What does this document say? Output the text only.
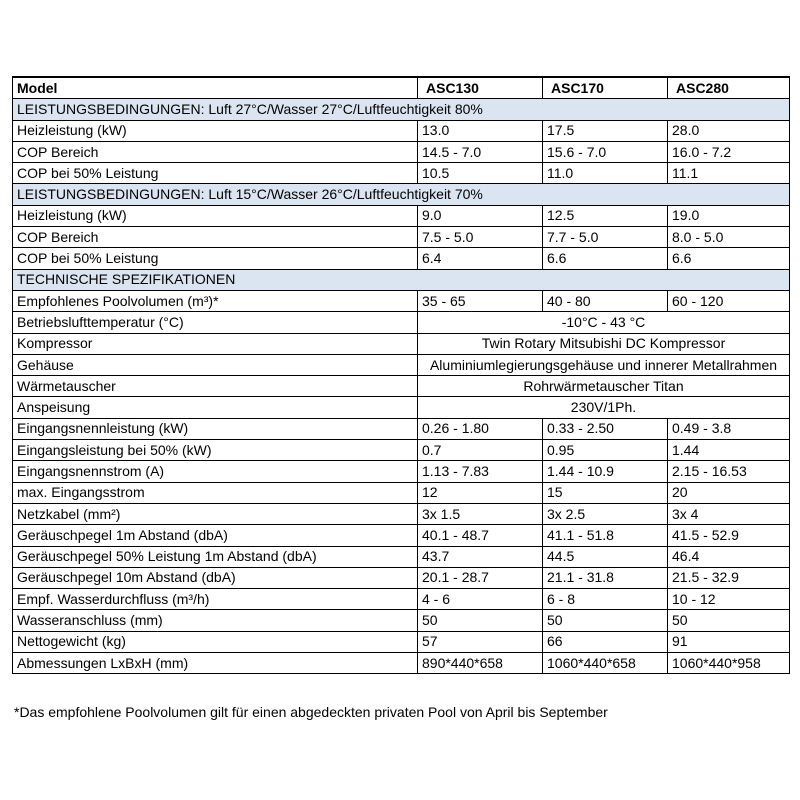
Model	ASC130	ASC170	ASC280
LEISTUNGSBEDINGUNGEN: Luft 27°C/Wasser 27°C/Luftfeuchtigkeit 80%			
Heizleistung (kW)	13.0	17.5	28.0
COP Bereich	14.5 - 7.0	15.6 - 7.0	16.0 - 7.2
COP bei 50% Leistung	10.5	11.0	11.1
LEISTUNGSBEDINGUNGEN: Luft 15°C/Wasser 26°C/Luftfeuchtigkeit 70%			
Heizleistung (kW)	9.0	12.5	19.0
COP Bereich	7.5 - 5.0	7.7 - 5.0	8.0 - 5.0
COP bei 50% Leistung	6.4	6.6	6.6
TECHNISCHE SPEZIFIKATIONEN			
Empfohlenes Poolvolumen (m³)*	35 - 65	40 - 80	60 - 120
Betriebslufttemperatur (°C)	-10°C - 43 °C		
Kompressor	Twin Rotary Mitsubishi DC Kompressor		
Gehäuse	Aluminiumlegierungsgehäuse und innerer Metallrahmen		
Wärmetauscher	Rohrwärmetauscher Titan		
Anspeisung	230V/1Ph.		
Eingangsnennleistung (kW)	0.26 - 1.80	0.33 - 2.50	0.49 - 3.8
Eingangsleistung bei 50% (kW)	0.7	0.95	1.44
Eingangsnennstrom (A)	1.13 - 7.83	1.44 - 10.9	2.15 - 16.53
max. Eingangsstrom	12	15	20
Netzkabel (mm²)	3x 1.5	3x 2.5	3x 4
Geräuschpegel 1m Abstand (dbA)	40.1 - 48.7	41.1 - 51.8	41.5 - 52.9
Geräuschpegel 50% Leistung 1m Abstand (dbA)	43.7	44.5	46.4
Geräuschpegel 10m Abstand (dbA)	20.1 - 28.7	21.1 - 31.8	21.5 - 32.9
Empf. Wasserdurchfluss (m³/h)	4 - 6	6 - 8	10 - 12
Wasseranschluss (mm)	50	50	50
Nettogewicht (kg)	57	66	91
Abmessungen LxBxH (mm)	890*440*658	1060*440*658	1060*440*958
*Das empfohlene Poolvolumen gilt für einen abgedeckten privaten Pool von April bis September
